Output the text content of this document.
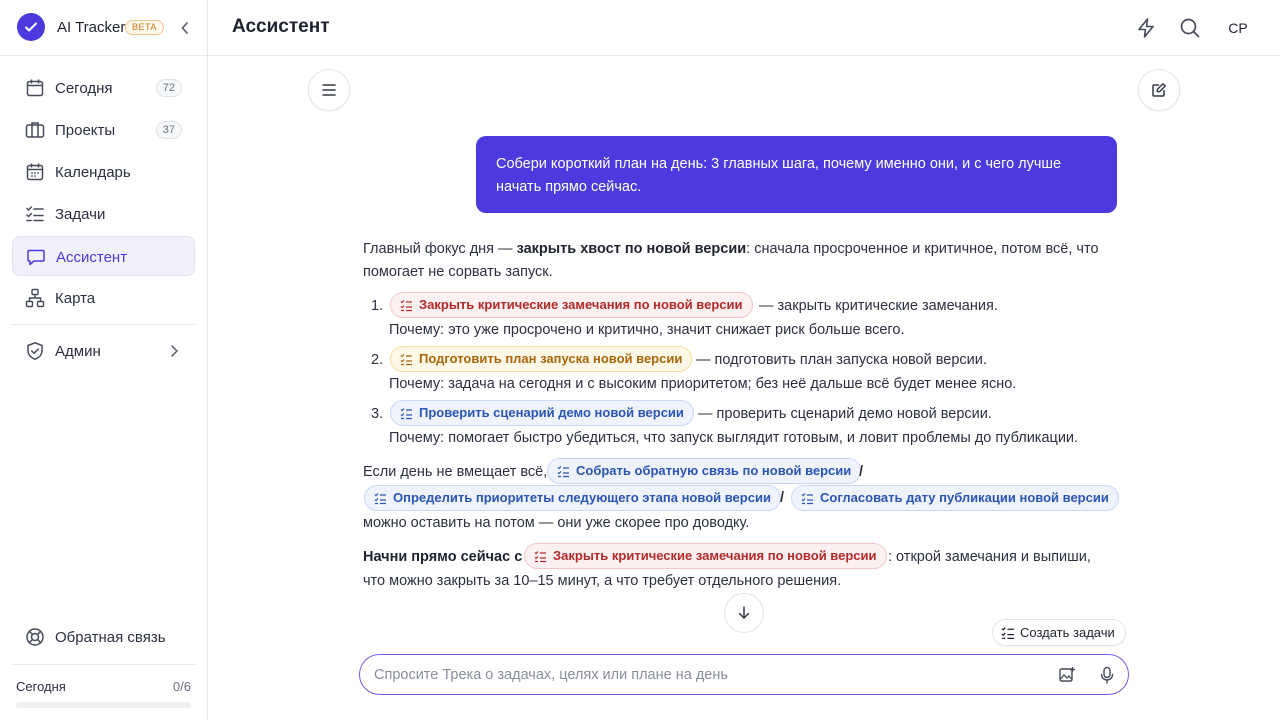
AI Tracker BETA
Сегодня	72
Проекты	37
Календарь
Задачи
Ассистент
Карта
Админ
Обратная связь
Сегодня	0/6
Ассистент	СР
Собери короткий план на день: 3 главных шага, почему именно они, и с чего лучше начать прямо сейчас.
Главный фокус дня — закрыть хвост по новой версии: сначала просроченное и критичное, потом всё, что помогает не сорвать запуск.
1.	Закрыть критические замечания по новой версии — закрыть критические замечания.
Почему: это уже просрочено и критично, значит снижает риск больше всего.
2.	Подготовить план запуска новой версии — подготовить план запуска новой версии.
Почему: задача на сегодня и с высоким приоритетом; без неё дальше всё будет менее ясно.
3.	Проверить сценарий демо новой версии — проверить сценарий демо новой версии.
Почему: помогает быстро убедиться, что запуск выглядит готовым, и ловит проблемы до публикации.
Если день не вмещает всё, Собрать обратную связь по новой версии /
Определить приоритеты следующего этапа новой версии /	Согласовать дату публикации новой версии
можно оставить на потом — они уже скорее про доводку.
Начни прямо сейчас с Закрыть критические замечания по новой версии : открой замечания и выпиши,
что можно закрыть за 10–15 минут, а что требует отдельного решения.
Создать задачи
Спросите Трека о задачах, целях или плане на день
